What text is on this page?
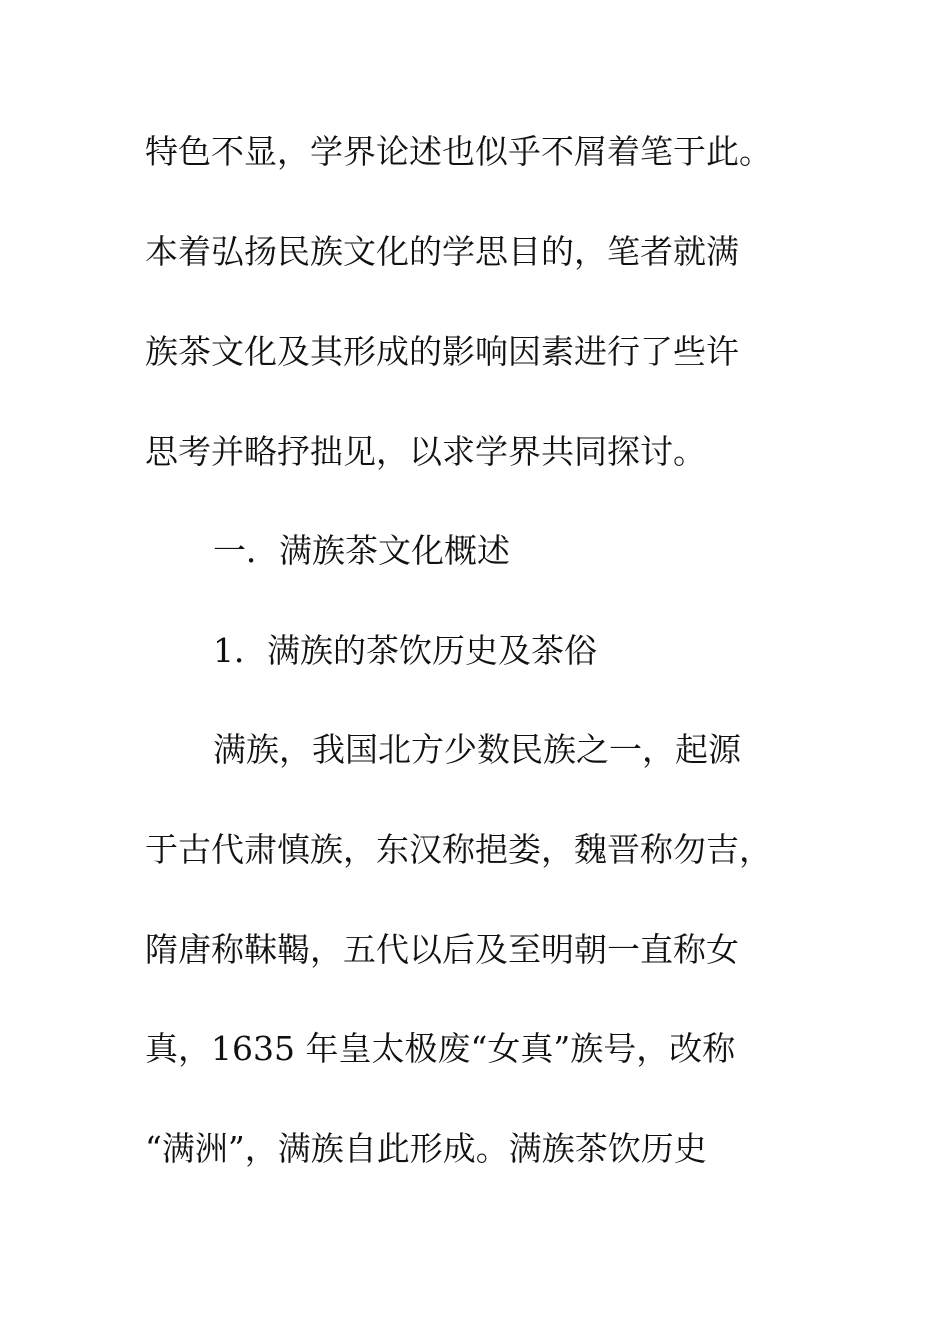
特色不显，学界论述也似乎不屑着笔于此。
本着弘扬民族文化的学思目的，笔者就满
族茶文化及其形成的影响因素进行了些许
思考并略抒拙见，以求学界共同探讨。
一．满族茶文化概述
1．满族的茶饮历史及茶俗
满族，我国北方少数民族之一，起源
于古代肃慎族，东汉称挹娄，魏晋称勿吉，
隋唐称靺鞨，五代以后及至明朝一直称女
真，1635 年皇太极废“女真”族号，改称
“满洲”，满族自此形成。满族茶饮历史
